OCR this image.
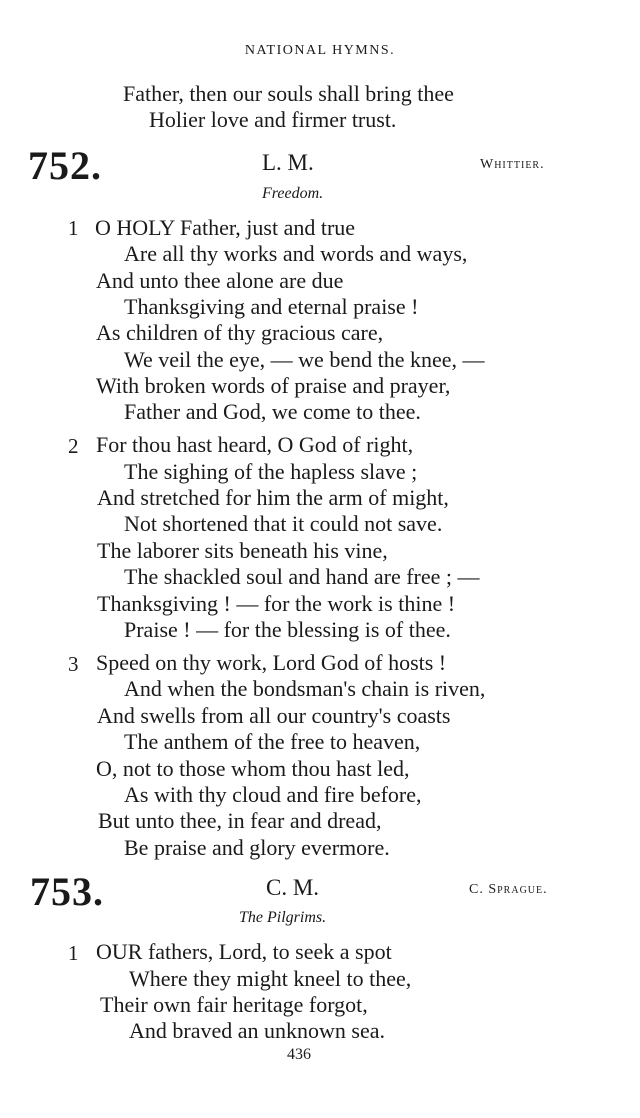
NATIONAL HYMNS.
Father, then our souls shall bring thee
Holier love and firmer trust.
752.	L. M.	Whittier.
Freedom.
1 O HOLY Father, just and true
Are all thy works and words and ways,
And unto thee alone are due
Thanksgiving and eternal praise !
As children of thy gracious care,
We veil the eye, — we bend the knee, —
With broken words of praise and prayer,
Father and God, we come to thee.
2 For thou hast heard, O God of right,
The sighing of the hapless slave ;
And stretched for him the arm of might,
Not shortened that it could not save.
The laborer sits beneath his vine,
The shackled soul and hand are free ; —
Thanksgiving ! — for the work is thine !
Praise ! — for the blessing is of thee.
3 Speed on thy work, Lord God of hosts !
And when the bondsman's chain is riven,
And swells from all our country's coasts
The anthem of the free to heaven,
O, not to those whom thou hast led,
As with thy cloud and fire before,
But unto thee, in fear and dread,
Be praise and glory evermore.
753.	C. M.	C. Sprague.
The Pilgrims.
1 OUR fathers, Lord, to seek a spot
Where they might kneel to thee,
Their own fair heritage forgot,
And braved an unknown sea.
436
